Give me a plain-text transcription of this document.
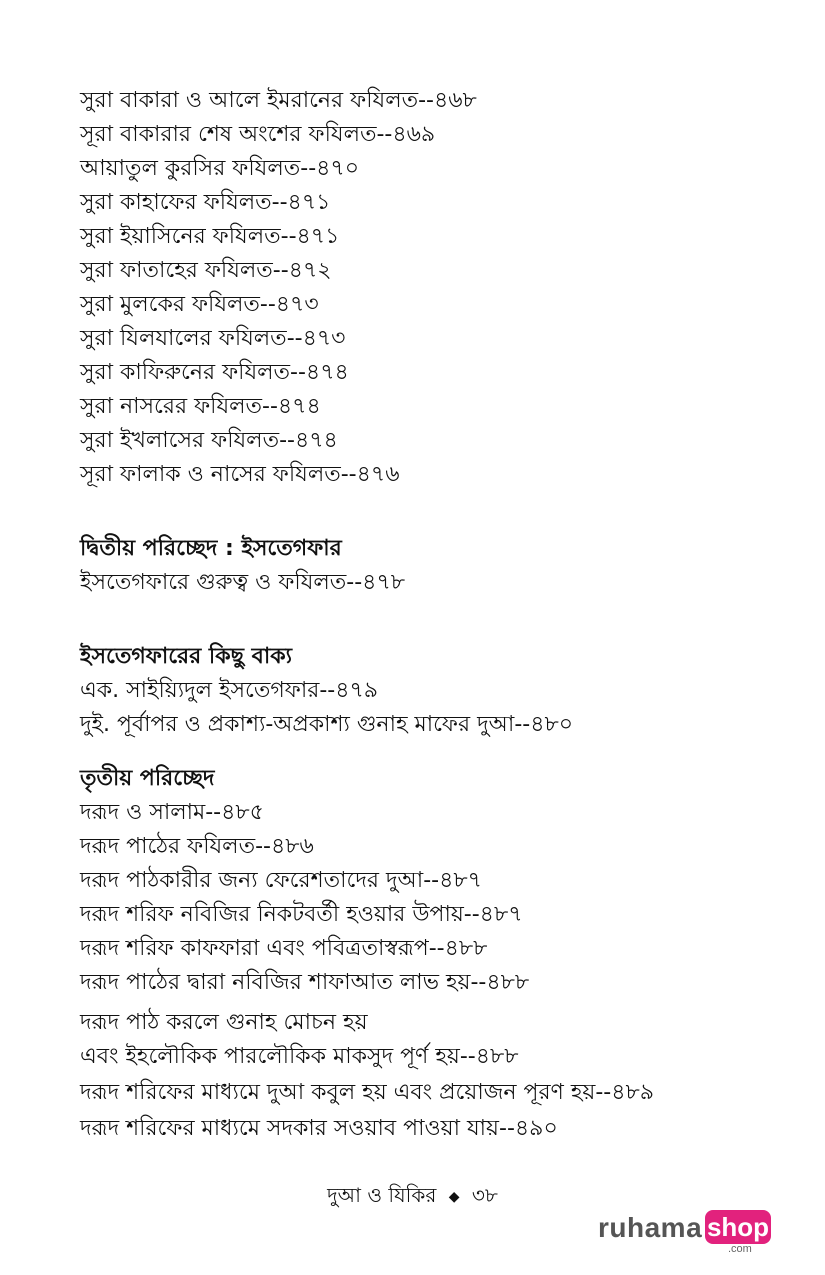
সুরা বাকারা ও আলে ইমরানের ফযিলত--৪৬৮
সূরা বাকারার শেষ অংশের ফযিলত--৪৬৯
আয়াতুল কুরসির ফযিলত--৪৭০
সুরা কাহাফের ফযিলত--৪৭১
সুরা ইয়াসিনের ফযিলত--৪৭১
সুরা ফাতাহের ফযিলত--৪৭২
সুরা মুলকের ফযিলত--৪৭৩
সুরা যিলযালের ফযিলত--৪৭৩
সুরা কাফিরুনের ফযিলত--৪৭৪
সুরা নাসরের ফযিলত--৪৭৪
সুরা ইখলাসের ফযিলত--৪৭৪
সূরা ফালাক ও নাসের ফযিলত--৪৭৬
দ্বিতীয় পরিচ্ছেদ : ইসতেগফার
ইসতেগফারে গুরুত্ব ও ফযিলত--৪৭৮
ইসতেগফারের কিছু বাক্য
এক. সাইয়্যিদুল ইসতেগফার--৪৭৯
দুই. পূর্বাপর ও প্রকাশ্য-অপ্রকাশ্য গুনাহ মাফের দুআ--৪৮০
তৃতীয় পরিচ্ছেদ
দরূদ ও সালাম--৪৮৫
দরূদ পাঠের ফযিলত--৪৮৬
দরূদ পাঠকারীর জন্য ফেরেশতাদের দুআ--৪৮৭
দরূদ শরিফ নবিজির নিকটবর্তী হওয়ার উপায়--৪৮৭
দরূদ শরিফ কাফফারা এবং পবিত্রতাস্বরূপ--৪৮৮
দরূদ পাঠের দ্বারা নবিজির শাফাআত লাভ হয়--৪৮৮
দরূদ পাঠ করলে গুনাহ মোচন হয়
এবং ইহলৌকিক পারলৌকিক মাকসুদ পূর্ণ হয়--৪৮৮
দরূদ শরিফের মাধ্যমে দুআ কবুল হয় এবং প্রয়োজন পূরণ হয়--৪৮৯
দরূদ শরিফের মাধ্যমে সদকার সওয়াব পাওয়া যায়--৪৯০
দুআ ও যিকির ◆ ৩৮
ruhama shop
.com
